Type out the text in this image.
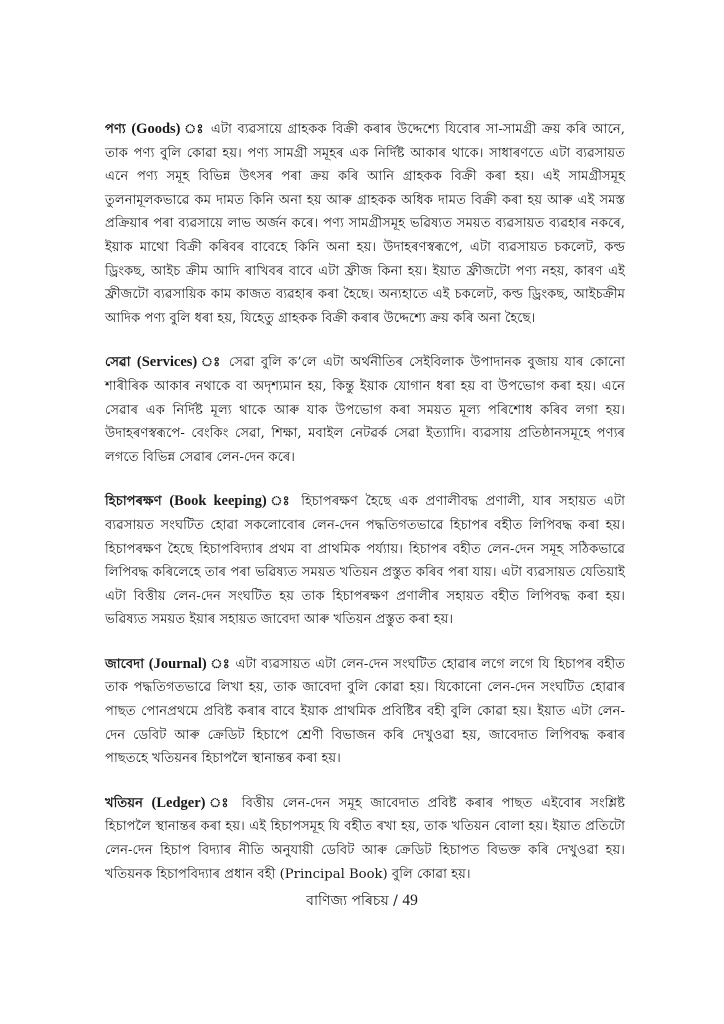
পণ্য (Goods) ঃ এটা ব্যৱসায়ে গ্ৰাহকক বিক্ৰী কৰাৰ উদ্দেশ্যে যিবোৰ সা-সামগ্ৰী ক্ৰয় কৰি আনে, তাক পণ্য বুলি কোৱা হয়। পণ্য সামগ্ৰী সমূহৰ এক নিৰ্দিষ্ট আকাৰ থাকে। সাধাৰণতে এটা ব্যৱসায়ত এনে পণ্য সমূহ বিভিন্ন উৎসৰ পৰা ক্ৰয় কৰি আনি গ্ৰাহকক বিক্ৰী কৰা হয়। এই সামগ্ৰীসমূহ তুলনামূলকভাৱে কম দামত কিনি অনা হয় আৰু গ্ৰাহকক অধিক দামত বিক্ৰী কৰা হয় আৰু এই সমস্ত প্ৰক্ৰিয়াৰ পৰা ব্যৱসায়ে লাভ অৰ্জন কৰে। পণ্য সামগ্ৰীসমূহ ভৱিষ্যত সময়ত ব্যৱসায়ত ব্যৱহাৰ নকৰে, ইয়াক মাথো বিক্ৰী কৰিবৰ বাবেহে কিনি অনা হয়। উদাহৰণস্বৰূপে, এটা ব্যৱসায়ত চকলেট, কল্ড ড্ৰিংকছ, আইচ ক্ৰীম আদি ৰাখিবৰ বাবে এটা ফ্ৰীজ কিনা হয়। ইয়াত ফ্ৰীজটো পণ্য নহয়, কাৰণ এই ফ্ৰীজটো ব্যৱসায়িক কাম কাজত ব্যৱহাৰ কৰা হৈছে। অন্যহাতে এই চকলেট, কল্ড ড্ৰিংকছ, আইচক্ৰীম আদিক পণ্য বুলি ধৰা হয়, যিহেতু গ্ৰাহকক বিক্ৰী কৰাৰ উদ্দেশ্যে ক্ৰয় কৰি অনা হৈছে।

সেৱা (Services) ঃ সেৱা বুলি ক’লে এটা অৰ্থনীতিৰ সেইবিলাক উপাদানক বুজায় যাৰ কোনো শাৰীৰিক আকাৰ নথাকে বা অদৃশ্যমান হয়, কিন্তু ইয়াক যোগান ধৰা হয় বা উপভোগ কৰা হয়। এনে সেৱাৰ এক নিৰ্দিষ্ট মূল্য থাকে আৰু যাক উপভোগ কৰা সময়ত মূল্য পৰিশোধ কৰিব লগা হয়। উদাহৰণস্বৰূপে- বেংকিং সেৱা, শিক্ষা, মবাইল নেটৱৰ্ক সেৱা ইত্যাদি। ব্যৱসায় প্ৰতিষ্ঠানসমূহে পণ্যৰ লগতে বিভিন্ন সেৱাৰ লেন-দেন কৰে।

হিচাপৰক্ষণ (Book keeping) ঃ হিচাপৰক্ষণ হৈছে এক প্ৰণালীবদ্ধ প্ৰণালী, যাৰ সহায়ত এটা ব্যৱসায়ত সংঘটিত হোৱা সকলোবোৰ লেন-দেন পদ্ধতিগতভাৱে হিচাপৰ বহীত লিপিবদ্ধ কৰা হয়। হিচাপৰক্ষণ হৈছে হিচাপবিদ্যাৰ প্ৰথম বা প্ৰাথমিক পৰ্য্যায়। হিচাপৰ বহীত লেন-দেন সমূহ সঠিকভাৱে লিপিবদ্ধ কৰিলেহে তাৰ পৰা ভৱিষ্যত সময়ত খতিয়ন প্ৰস্তুত কৰিব পৰা যায়। এটা ব্যৱসায়ত যেতিয়াই এটা বিত্তীয় লেন-দেন সংঘটিত হয় তাক হিচাপৰক্ষণ প্ৰণালীৰ সহায়ত বহীত লিপিবদ্ধ কৰা হয়। ভৱিষ্যত সময়ত ইয়াৰ সহায়ত জাবেদা আৰু খতিয়ন প্ৰস্তুত কৰা হয়।

জাবেদা (Journal) ঃ এটা ব্যৱসায়ত এটা লেন-দেন সংঘটিত হোৱাৰ লগে লগে যি হিচাপৰ বহীত তাক পদ্ধতিগতভাৱে লিখা হয়, তাক জাবেদা বুলি কোৱা হয়। যিকোনো লেন-দেন সংঘটিত হোৱাৰ পাছত পোনপ্ৰথমে প্ৰবিষ্ট কৰাৰ বাবে ইয়াক প্ৰাথমিক প্ৰবিষ্টিৰ বহী বুলি কোৱা হয়। ইয়াত এটা লেন-দেন ডেবিট আৰু ক্ৰেডিট হিচাপে শ্ৰেণী বিভাজন কৰি দেখুওৱা হয়, জাবেদাত লিপিবদ্ধ কৰাৰ পাছতহে খতিয়নৰ হিচাপলৈ স্থানান্তৰ কৰা হয়।

খতিয়ন (Ledger) ঃ বিত্তীয় লেন-দেন সমূহ জাবেদাত প্ৰবিষ্ট কৰাৰ পাছত এইবোৰ সংশ্লিষ্ট হিচাপলৈ স্থানান্তৰ কৰা হয়। এই হিচাপসমূহ যি বহীত ৰখা হয়, তাক খতিয়ন বোলা হয়। ইয়াত প্ৰতিটো লেন-দেন হিচাপ বিদ্যাৰ নীতি অনুযায়ী ডেবিট আৰু ক্ৰেডিট হিচাপত বিভক্ত কৰি দেখুওৱা হয়। খতিয়নক হিচাপবিদ্যাৰ প্ৰধান বহী (Principal Book) বুলি কোৱা হয়।

বাণিজ্য পৰিচয় / 49
